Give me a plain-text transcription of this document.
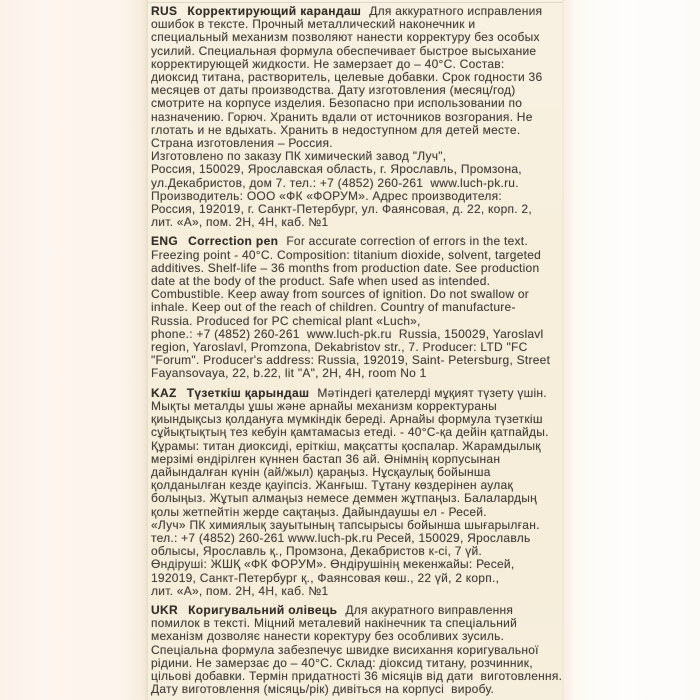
RUS Корректирующий карандаш Для аккуратного исправления
ошибок в тексте. Прочный металлический наконечник и
специальный механизм позволяют нанести корректуру без особых
усилий. Специальная формула обеспечивает быстрое высыхание
корректирующей жидкости. Не замерзает до – 40°С. Состав:
диоксид титана, растворитель, целевые добавки. Срок годности 36
месяцев от даты производства. Дату изготовления (месяц/год)
смотрите на корпусе изделия. Безопасно при использовании по
назначению. Горюч. Хранить вдали от источников возгорания. Не
глотать и не вдыхать. Хранить в недоступном для детей месте.
Страна изготовления – Россия.
Изготовлено по заказу ПК химический завод "Луч",
Россия, 150029, Ярославская область, г. Ярославль, Промзона,
ул.Декабристов, дом 7. тел.: +7 (4852) 260-261  www.luch-pk.ru.
Производитель: ООО «ФК «ФОРУМ». Адрес производителя:
Россия, 192019, г. Санкт-Петербург, ул. Фаянсовая, д. 22, корп. 2,
лит. «А», пом. 2Н, 4Н, каб. №1
ENG Correction pen For accurate correction of errors in the text.
Freezing point - 40°C. Composition: titanium dioxide, solvent, targeted
additives. Shelf-life – 36 months from production date. See production
date at the body of the product. Safe when used as intended.
Combustible. Keep away from sources of ignition. Do not swallow or
inhale. Keep out of the reach of children. Country of manufacture-
Russia. Produced for PC chemical plant «Luch»,
phone.: +7 (4852) 260-261  www.luch-pk.ru  Russia, 150029, Yaroslavl
region, Yaroslavl, Promzona, Dekabristov str., 7. Producer: LTD "FC
"Forum". Producer's address: Russia, 192019, Saint- Petersburg, Street
Fayansovaya, 22, b.22, lit "A", 2H, 4H, room No 1
KAZ Түзеткіш қарындаш Мәтіндегі қателерді мұқият түзету үшін.
Мықты металды ұшы және арнайы механизм корректураны
қиындықсыз қолдануға мүмкіндік береді. Арнайы формула түзеткіш
сұйықтықтың тез кебуін қамтамасыз етеді. - 40°С-қа дейін қатпайды.
Құрамы: титан диоксиді, еріткіш, мақсатты қоспалар. Жарамдылық
мерзімі өндірілген күннен бастап 36 ай. Өнімнің корпусынан
дайындалған күнін (ай/жыл) қараңыз. Нұсқаулық бойынша
қолданылған кезде қауіпсіз. Жанғыш. Тұтану көздерінен аулақ
болыңыз. Жұтып алмаңыз немесе деммен жұтпаңыз. Балалардың
қолы жетпейтін жерде сақтаңыз. Дайындаушы ел - Ресей.
«Луч» ПК химиялық зауытының тапсырысы бойынша шығарылған.
тел.: +7 (4852) 260-261 www.luch-pk.ru Ресей, 150029, Ярославль
облысы, Ярославль қ., Промзона, Декабристов к-сі, 7 үй.
Өндіруші: ЖШҚ «ФК ФОРУМ». Өндірушінің мекенжайы: Ресей,
192019, Санкт-Петербург қ., Фаянсовая көш., 22 үй, 2 корп.,
лит. «А», пом. 2Н, 4Н, каб. №1
UKR Коригувальний олівець Для акуратного виправлення
помилок в тексті. Міцний металевий накінечник та спеціальний
механізм дозволяє нанести коректуру без особливих зусиль.
Спеціальна формула забезпечує швидке висихання коригувальної
рідини. Не замерзає до – 40°С. Склад: діоксид титану, розчинник,
цільові добавки. Термін придатності 36 місяців від дати  виготовлення.
Дату виготовлення (місяць/рік) дивіться на корпусі  виробу.
